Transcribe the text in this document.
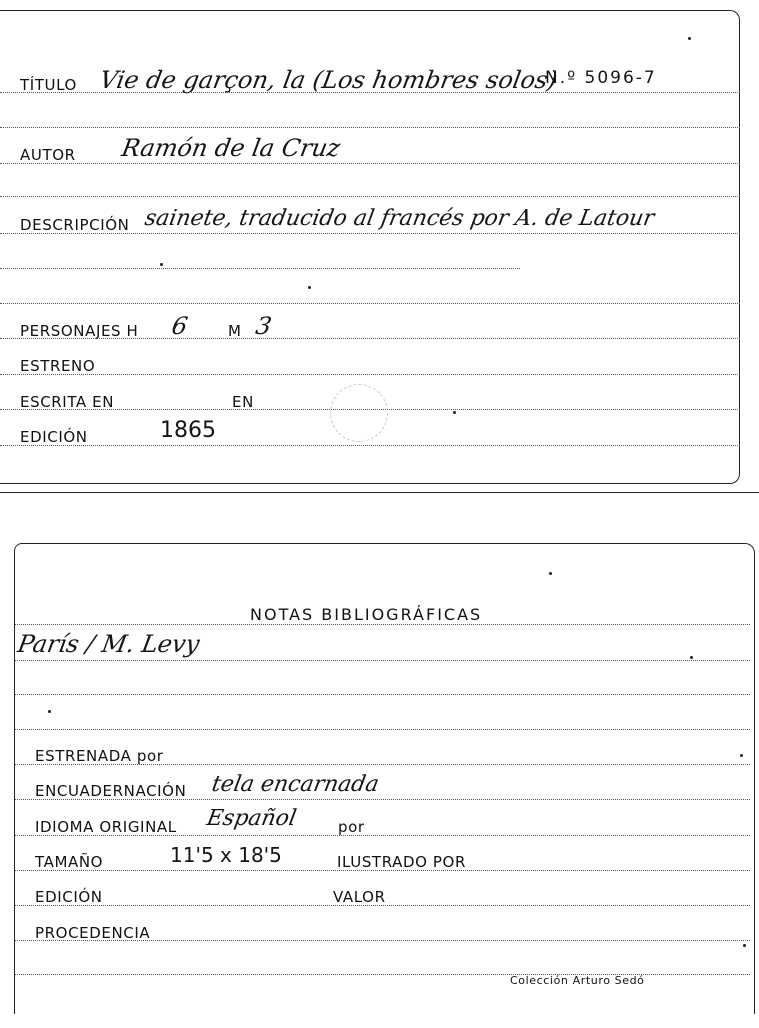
TÍTULO Vie de garçon, la (Los hombres solos)
N.º 5096-7
AUTOR Ramón de la Cruz
DESCRIPCIÓN sainete, traducido al francés por A. de Latour
PERSONAJES H 6	M 3
ESTRENO
ESCRITA EN	EN
EDICIÓN	1865
NOTAS BIBLIOGRÁFICAS
París / M. Levy
ESTRENADA por
ENCUADERNACIÓN tela encarnada
IDIOMA ORIGINAL Español	por
TAMAÑO	11'5 x 18'5	ILUSTRADO POR
EDICIÓN	VALOR
PROCEDENCIA
Colección Arturo Sedó
